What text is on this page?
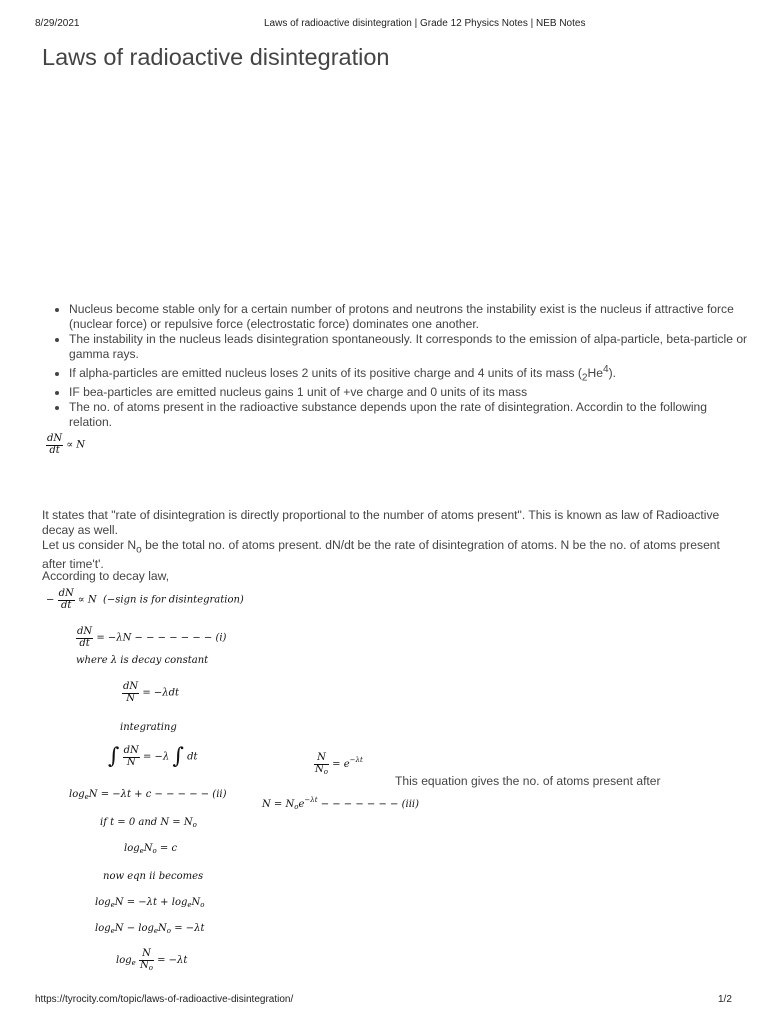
8/29/2021	Laws of radioactive disintegration | Grade 12 Physics Notes | NEB Notes
Laws of radioactive disintegration
• Nucleus become stable only for a certain number of protons and neutrons the instability exist is the nucleus if attractive force (nuclear force) or repulsive force (electrostatic force) dominates one another.
• The instability in the nucleus leads disintegration spontaneously. It corresponds to the emission of alpa-particle, beta-particle or gamma rays.
• If alpha-particles are emitted nucleus loses 2 units of its positive charge and 4 units of its mass $(_2He^4)$.
• IF bea-particles are emitted nucleus gains 1 unit of +ve charge and 0 units of its mass
• The no. of atoms present in the radioactive substance depends upon the rate of disintegration. Accordin to the following relation.
$\frac{dN}{dt} \propto N$
It states that "rate of disintegration is directly proportional to the number of atoms present". This is known as law of Radioactive decay as well.
Let us consider $N_o$ be the total no. of atoms present. dN/dt be the rate of disintegration of atoms. N be the no. of atoms present after time't'.
According to decay law,
− $\frac{dN}{dt} \propto N$ (−sign is for disintegration)
$\frac{dN}{dt} = -\lambda N$ − − − − − − − (i)
where λ is decay constant
$\frac{dN}{N} = -\lambda dt$
integrating
∫ $\frac{dN}{N} = -\lambda$ ∫ dt
$\log_eN = -\lambda t + c$ − − − − − (ii)
if t = 0 and $N = N_o$
$\log_eN_o = c$
now eqn ii becomes
$\log_eN = -\lambda t + \log_eN_o$
$\log_eN - \log_eN_o = -\lambda t$
$\log_e \frac{N}{N_o} = -\lambda t$
$\frac{N}{N_o} = e^{-\lambda t}$
This equation gives the no. of atoms present after
$N = N_oe^{-\lambda t}$ − − − − − − − (iii)
https://tyrocity.com/topic/laws-of-radioactive-disintegration/	1/2
